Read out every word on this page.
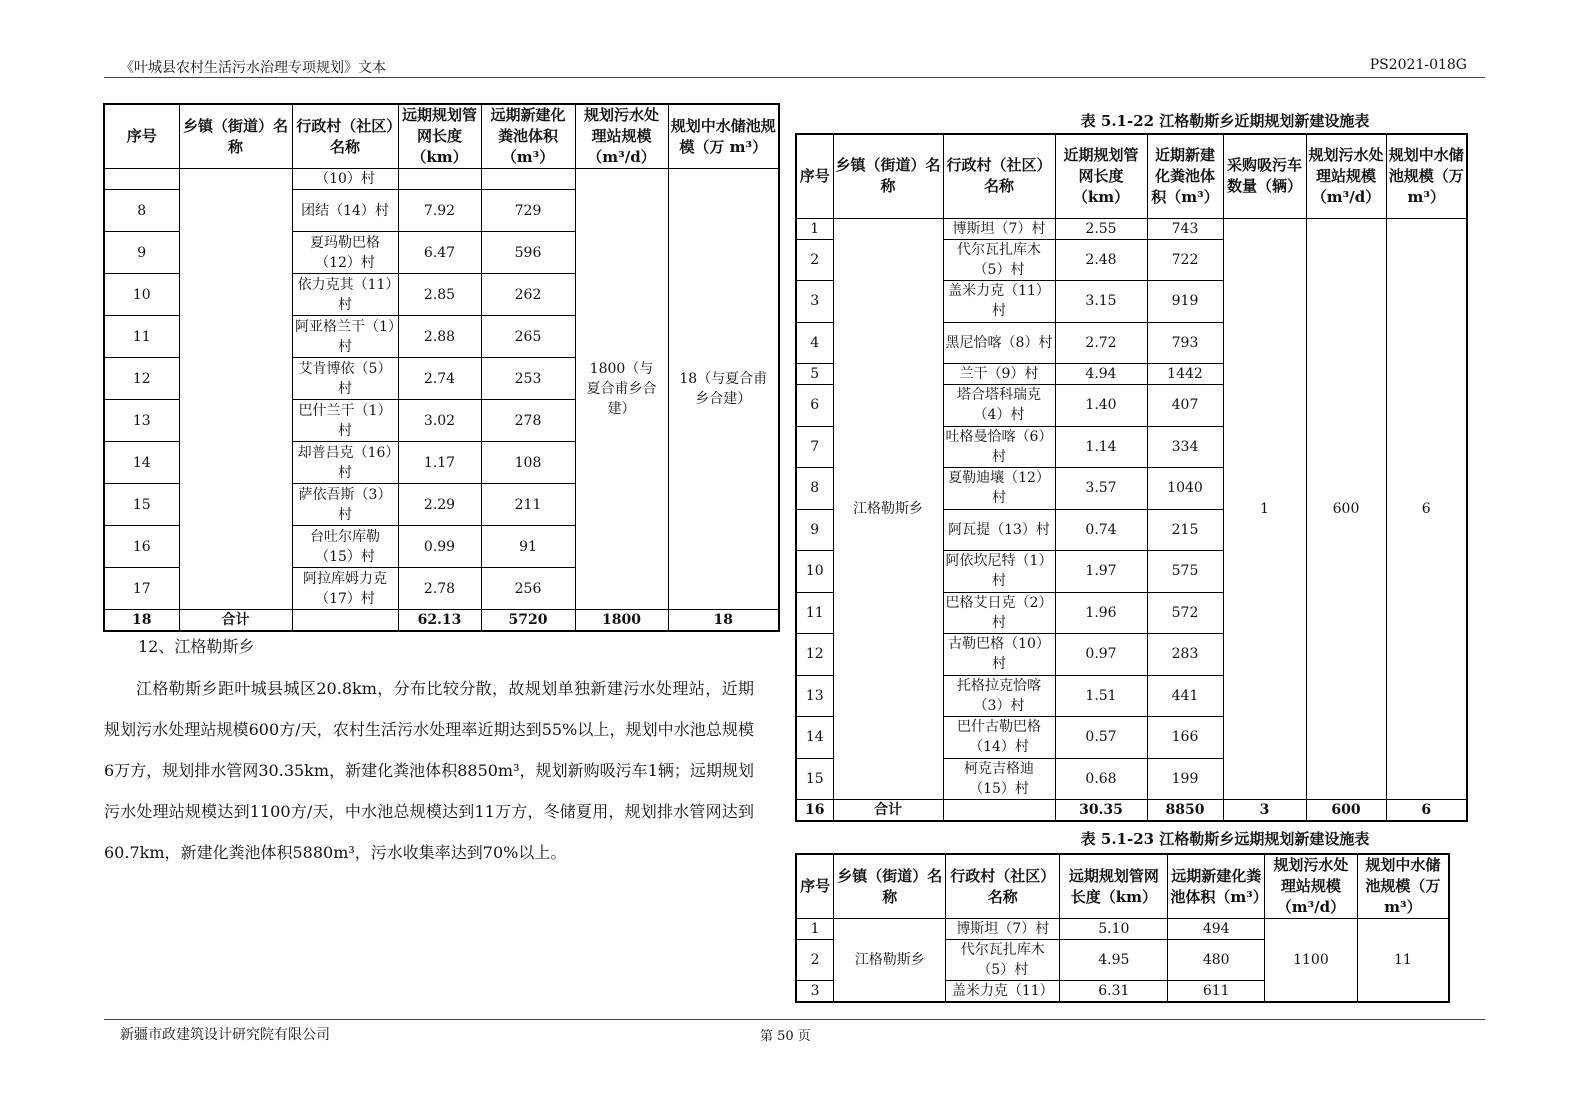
《叶城县农村生活污水治理专项规划》文本	PS2021-018G
序号	乡镇（街道）名称	行政村（社区）名称	远期规划管网长度（km）	远期新建化粪池体积（m³）	规划污水处理站规模（m³/d）	规划中水储池规模（万 m³）
		（10）村			1800（与夏合甫乡合建）	18（与夏合甫乡合建）
8		团结（14）村	7.92	729		
9		夏玛勒巴格（12）村	6.47	596		
10		依力克其（11）村	2.85	262		
11		阿亚格兰干（1）村	2.88	265		
12		艾肯博依（5）村	2.74	253		
13		巴什兰干（1）村	3.02	278		
14		却普吕克（16）村	1.17	108		
15		萨依吾斯（3）村	2.29	211		
16		台吐尔库勒（15）村	0.99	91		
17		阿拉库姆力克（17）村	2.78	256		
18	合计		62.13	5720	1800	18
12、江格勒斯乡
江格勒斯乡距叶城县城区20.8km，分布比较分散，故规划单独新建污水处理站，近期规划污水处理站规模600方/天，农村生活污水处理率近期达到55%以上，规划中水池总规模6万方，规划排水管网30.35km，新建化粪池体积8850m³，规划新购吸污车1辆；远期规划污水处理站规模达到1100方/天，中水池总规模达到11万方，冬储夏用，规划排水管网达到60.7km，新建化粪池体积5880m³，污水收集率达到70%以上。
表 5.1-22 江格勒斯乡近期规划新建设施表
序号	乡镇（街道）名称	行政村（社区）名称	近期规划管网长度（km）	近期新建化粪池体积（m³）	采购吸污车数量（辆）	规划污水处理站规模（m³/d）	规划中水储池规模（万 m³）
1	江格勒斯乡	博斯坦（7）村	2.55	743	1	600	6
2		代尔瓦扎库木（5）村	2.48	722			
3		盖米力克（11）村	3.15	919			
4		黑尼恰喀（8）村	2.72	793			
5		兰干（9）村	4.94	1442			
6		塔合塔科瑞克（4）村	1.40	407			
7		吐格曼恰喀（6）村	1.14	334			
8		夏勒迪壤（12）村	3.57	1040			
9		阿瓦提（13）村	0.74	215			
10		阿依坎尼特（1）村	1.97	575			
11		巴格艾日克（2）村	1.96	572			
12		古勒巴格（10）村	0.97	283			
13		托格拉克恰喀（3）村	1.51	441			
14		巴什古勒巴格（14）村	0.57	166			
15		柯克吉格迪（15）村	0.68	199			
16	合计		30.35	8850	3	600	6
表 5.1-23 江格勒斯乡远期规划新建设施表
序号	乡镇（街道）名称	行政村（社区）名称	远期规划管网长度（km）	远期新建化粪池体积（m³）	规划污水处理站规模（m³/d）	规划中水储池规模（万 m³）
1	江格勒斯乡	博斯坦（7）村	5.10	494	1100	11
2		代尔瓦扎库木（5）村	4.95	480		
3		盖米力克（11）	6.31	611		
新疆市政建筑设计研究院有限公司	第 50 页
